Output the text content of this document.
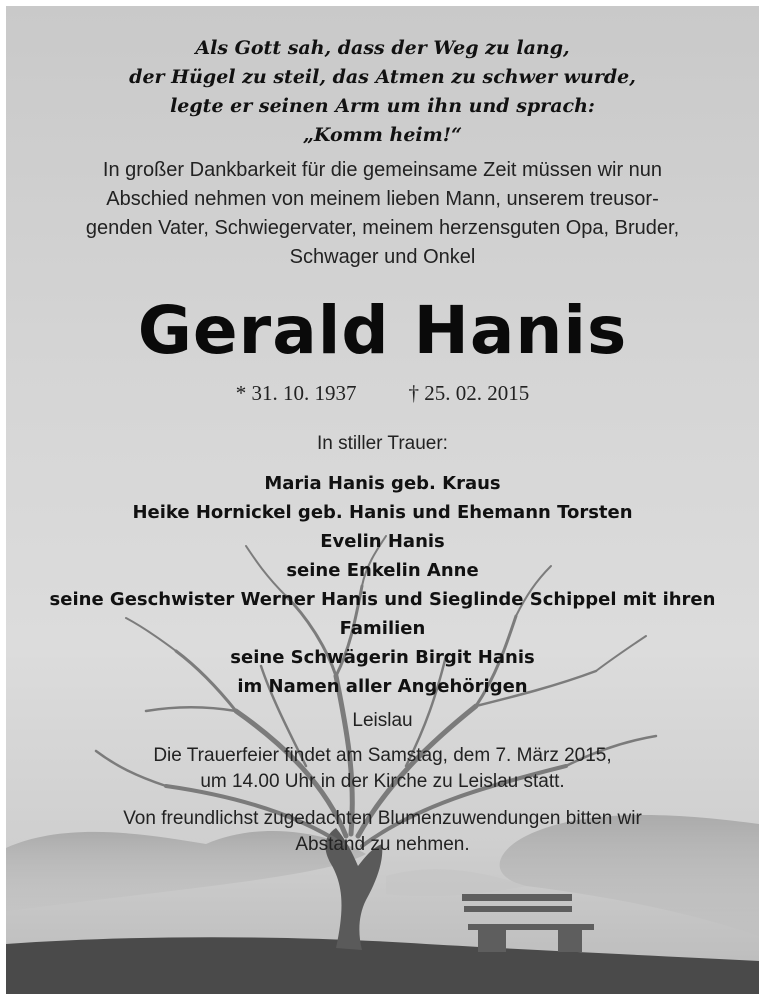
Als Gott sah, dass der Weg zu lang,
der Hügel zu steil, das Atmen zu schwer wurde,
legte er seinen Arm um ihn und sprach:
„Komm heim!“
In großer Dankbarkeit für die gemeinsame Zeit müssen wir nun
Abschied nehmen von meinem lieben Mann, unserem treusor-
genden Vater, Schwiegervater, meinem herzensguten Opa, Bruder,
Schwager und Onkel
Gerald Hanis
* 31. 10. 1937 † 25. 02. 2015
In stiller Trauer:
Maria Hanis geb. Kraus
Heike Hornickel geb. Hanis und Ehemann Torsten
Evelin Hanis
seine Enkelin Anne
seine Geschwister Werner Hanis und Sieglinde Schippel mit ihren
Familien
seine Schwägerin Birgit Hanis
im Namen aller Angehörigen
Leislau
Die Trauerfeier findet am Samstag, dem 7. März 2015,
um 14.00 Uhr in der Kirche zu Leislau statt.
Von freundlichst zugedachten Blumenzuwendungen bitten wir
Abstand zu nehmen.
